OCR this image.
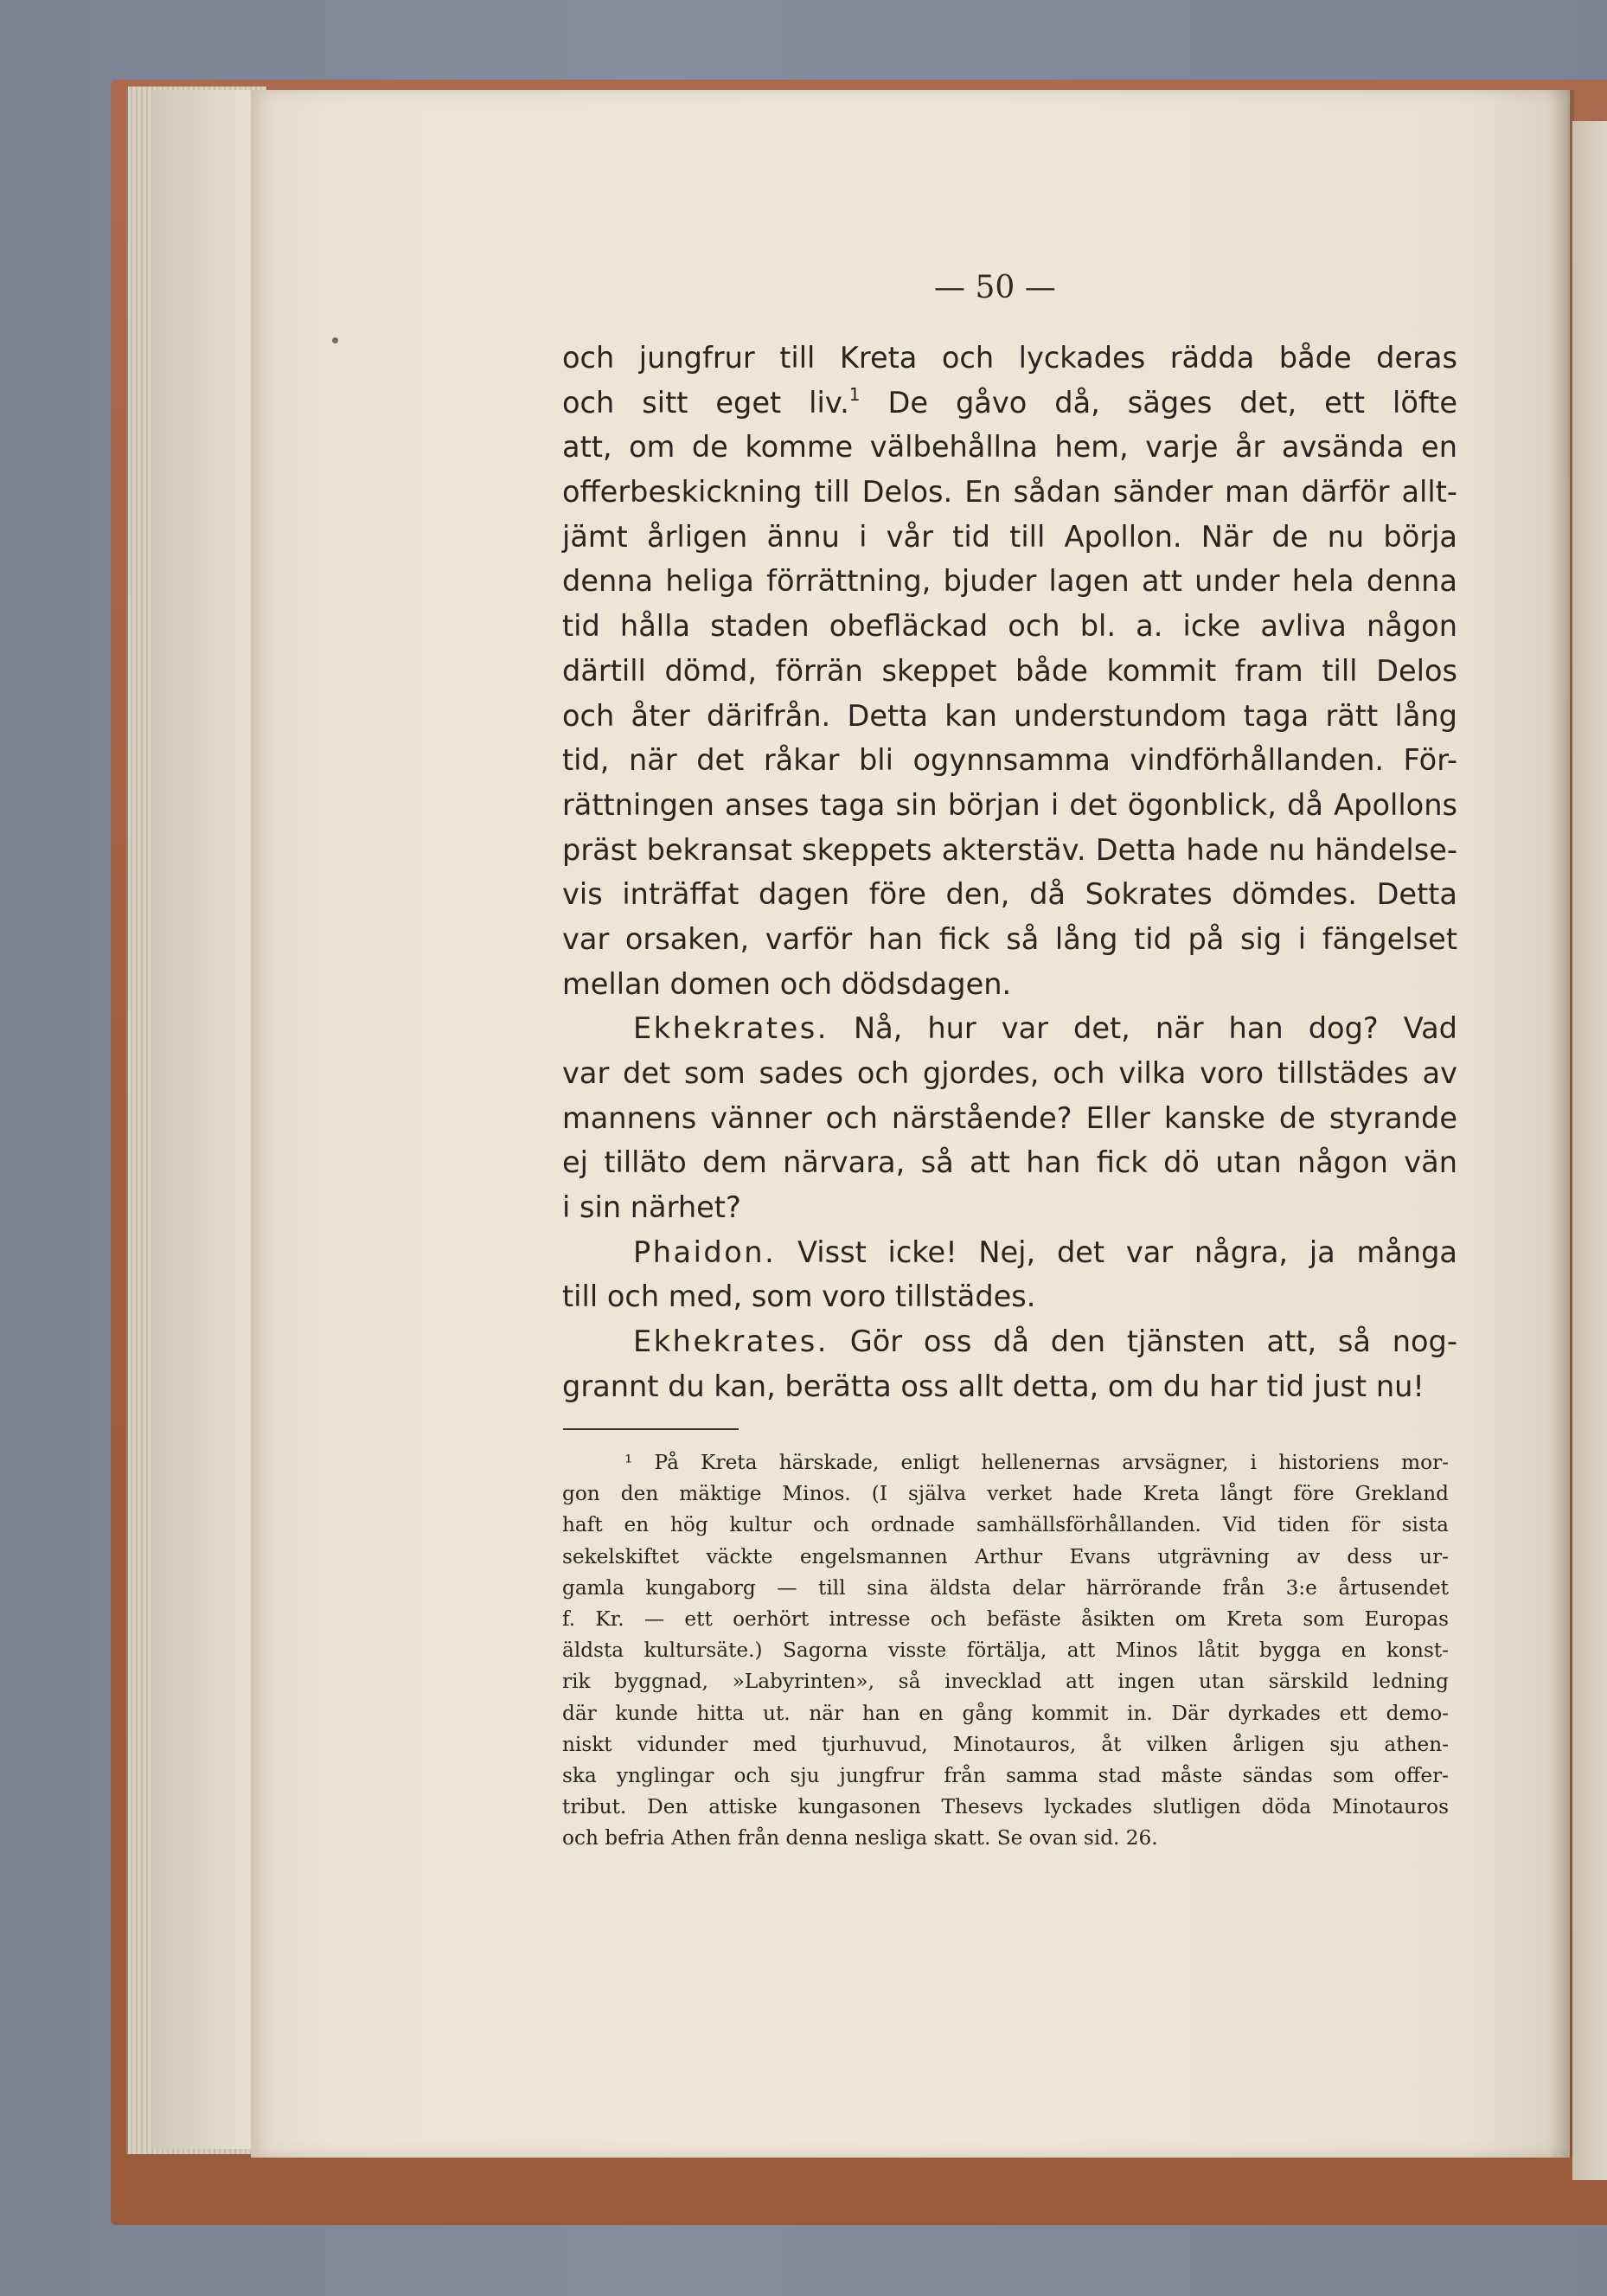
— 50 —
och jungfrur till Kreta och lyckades rädda både deras
och sitt eget liv.$^1$ De gåvo då, säges det, ett löfte
att, om de komme välbehållna hem, varje år avsända en
offerbeskickning till Delos. En sådan sänder man därför allt-
jämt årligen ännu i vår tid till Apollon. När de nu börja
denna heliga förrättning, bjuder lagen att under hela denna
tid hålla staden obefläckad och bl. a. icke avliva någon
därtill dömd, förrän skeppet både kommit fram till Delos
och åter därifrån. Detta kan understundom taga rätt lång
tid, när det råkar bli ogynnsamma vindförhållanden. För-
rättningen anses taga sin början i det ögonblick, då Apollons
präst bekransat skeppets akterstäv. Detta hade nu händelse-
vis inträffat dagen före den, då Sokrates dömdes. Detta
var orsaken, varför han fick så lång tid på sig i fängelset
mellan domen och dödsdagen.
Ekhekrates. Nå, hur var det, när han dog? Vad
var det som sades och gjordes, och vilka voro tillstädes av
mannens vänner och närstående? Eller kanske de styrande
ej tilläto dem närvara, så att han fick dö utan någon vän
i sin närhet?
Phaidon. Visst icke! Nej, det var några, ja många
till och med, som voro tillstädes.
Ekhekrates. Gör oss då den tjänsten att, så nog-
grannt du kan, berätta oss allt detta, om du har tid just nu!
¹ På Kreta härskade, enligt hellenernas arvsägner, i historiens mor-
gon den mäktige Minos. (I själva verket hade Kreta långt före Grekland
haft en hög kultur och ordnade samhällsförhållanden. Vid tiden för sista
sekelskiftet väckte engelsmannen Arthur Evans utgrävning av dess ur-
gamla kungaborg — till sina äldsta delar härrörande från 3:e årtusendet
f. Kr. — ett oerhört intresse och befäste åsikten om Kreta som Europas
äldsta kultursäte.) Sagorna visste förtälja, att Minos låtit bygga en konst-
rik byggnad, »Labyrinten», så invecklad att ingen utan särskild ledning
där kunde hitta ut. när han en gång kommit in. Där dyrkades ett demo-
niskt vidunder med tjurhuvud, Minotauros, åt vilken årligen sju athen-
ska ynglingar och sju jungfrur från samma stad måste sändas som offer-
tribut. Den attiske kungasonen Thesevs lyckades slutligen döda Minotauros
och befria Athen från denna nesliga skatt. Se ovan sid. 26.
